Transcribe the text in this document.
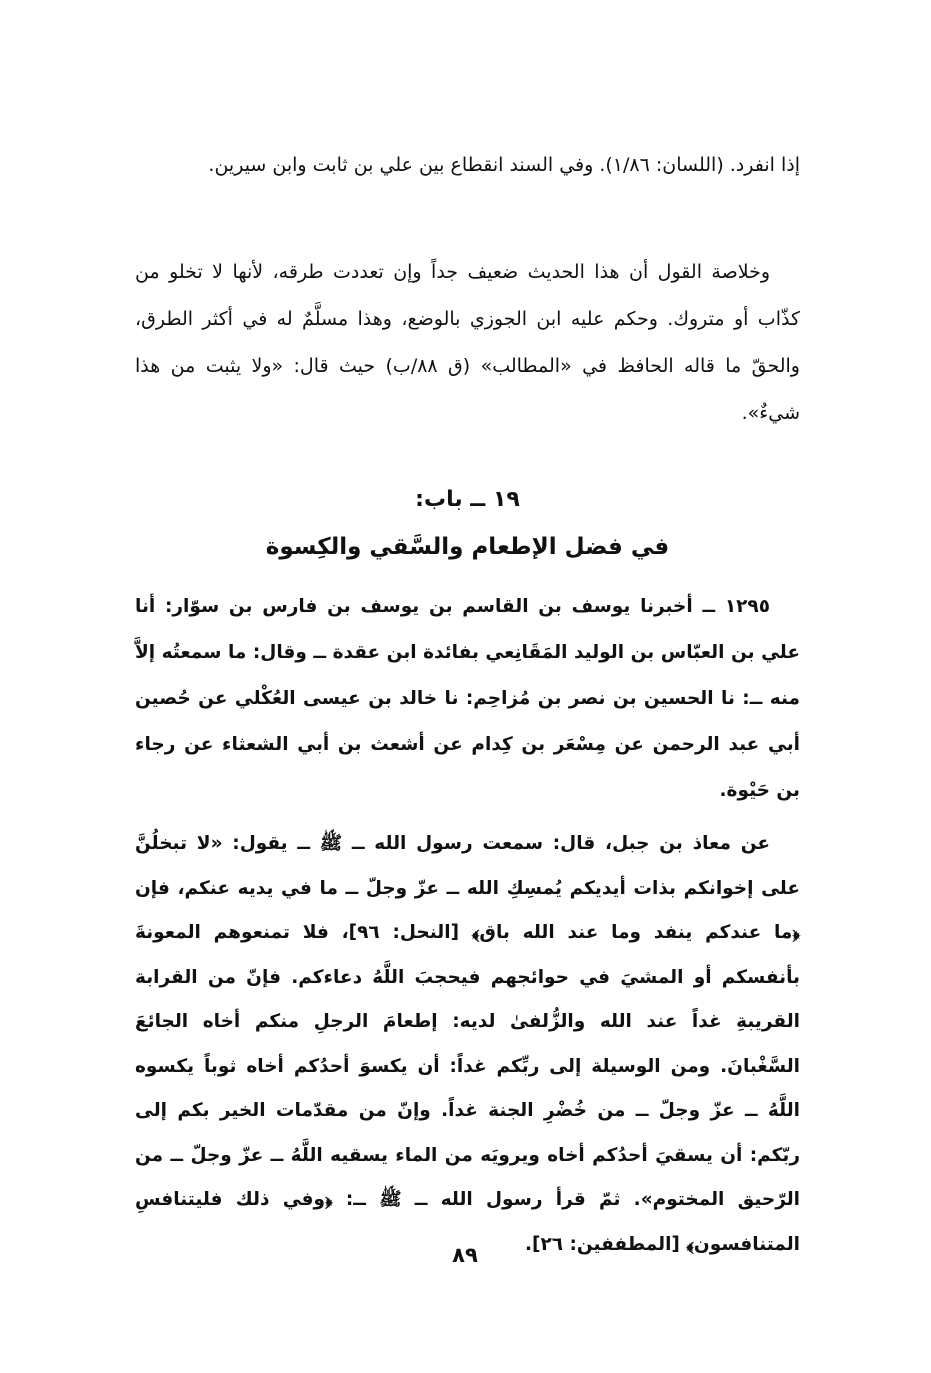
إذا انفرد. (اللسان: ١/٨٦). وفي السند انقطاع بين علي بن ثابت وابن سيرين.

وخلاصة القول أن هذا الحديث ضعيف جداً وإن تعددت طرقه، لأنها لا تخلو من كذّاب أو متروك. وحكم عليه ابن الجوزي بالوضع، وهذا مسلَّمٌ له في أكثر الطرق، والحقّ ما قاله الحافظ في «المطالب» (ق ٨٨/ب) حيث قال: «ولا يثبت من هذا شيءٌ».

١٩ ــ باب:
في فضل الإطعام والسَّقي والكِسوة

١٢٩٥ ــ أخبرنا يوسف بن القاسم بن يوسف بن فارس بن سوّار: أنا علي بن العبّاس بن الوليد المَقَانِعي بفائدة ابن عقدة ــ وقال: ما سمعتُه إلاَّ منه ــ: نا الحسين بن نصر بن مُزاحِم: نا خالد بن عيسى العُكْلي عن حُصين أبي عبد الرحمن عن مِسْعَر بن كِدام عن أشعث بن أبي الشعثاء عن رجاء بن حَيْوة.

عن معاذ بن جبل، قال: سمعت رسول الله ــ ﷺ ــ يقول: «لا تبخلُنَّ على إخوانكم بذات أيديكم يُمسِكِ الله ــ عزّ وجلّ ــ ما في يديه عنكم، فإن ﴿ما عندكم ينفد وما عند الله باق﴾ [النحل: ٩٦]، فلا تمنعوهم المعونةَ بأنفسكم أو المشيَ في حوائجهم فيحجبَ اللَّهُ دعاءكم. فإنّ من القرابة القريبةِ غداً عند الله والزُّلفىٰ لديه: إطعامَ الرجلِ منكم أخاه الجائعَ السَّغْبانَ. ومن الوسيلة إلى ربِّكم غداً: أن يكسوَ أحدُكم أخاه ثوباً يكسوه اللَّهُ ــ عزّ وجلّ ــ من خُضْرِ الجنة غداً. وإنّ من مقدّمات الخير بكم إلى ربّكم: أن يسقيَ أحدُكم أخاه ويرويَه من الماء يسقيه اللَّهُ ــ عزّ وجلّ ــ من الرّحيق المختوم». ثمّ قرأ رسول الله ــ ﷺ ــ: ﴿وفي ذلك فليتنافسِ المتنافسون﴾ [المطففين: ٢٦].

٨٩
